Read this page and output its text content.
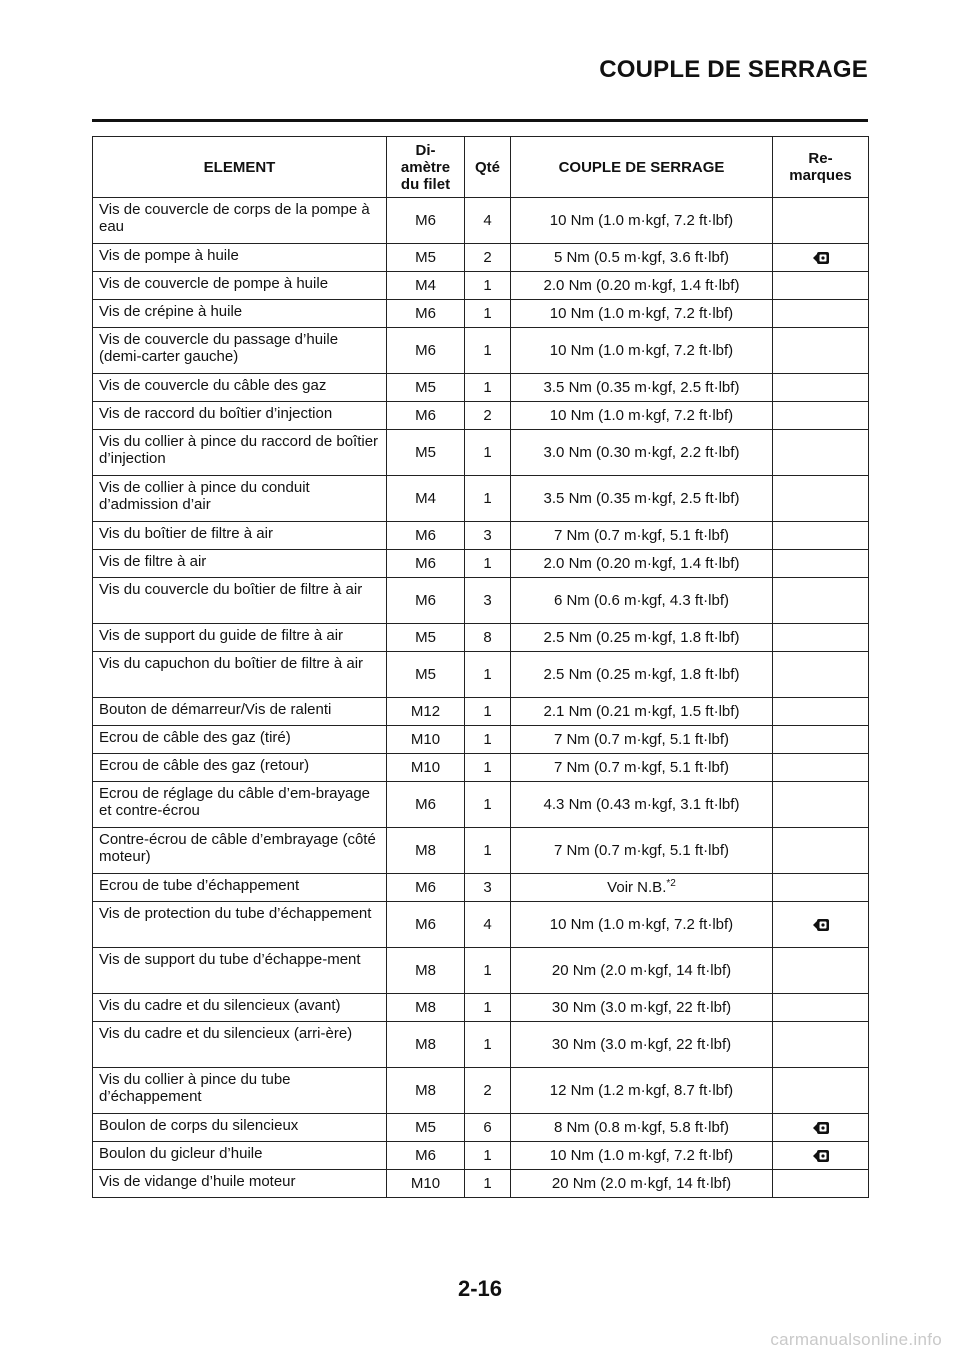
COUPLE DE SERRAGE
ELEMENT	Di-
amètre
du filet	Qté	COUPLE DE SERRAGE	Re-
marques
Vis de couvercle de corps de la pompe à eau	M6	4	10 Nm (1.0 m·kgf, 7.2 ft·lbf)	
Vis de pompe à huile	M5	2	5 Nm (0.5 m·kgf, 3.6 ft·lbf)	
Vis de couvercle de pompe à huile	M4	1	2.0 Nm (0.20 m·kgf, 1.4 ft·lbf)	
Vis de crépine à huile	M6	1	10 Nm (1.0 m·kgf, 7.2 ft·lbf)	
Vis de couvercle du passage d’huile (demi-carter gauche)	M6	1	10 Nm (1.0 m·kgf, 7.2 ft·lbf)	
Vis de couvercle du câble des gaz	M5	1	3.5 Nm (0.35 m·kgf, 2.5 ft·lbf)	
Vis de raccord du boîtier d’injection	M6	2	10 Nm (1.0 m·kgf, 7.2 ft·lbf)	
Vis du collier à pince du raccord de boîtier d’injection	M5	1	3.0 Nm (0.30 m·kgf, 2.2 ft·lbf)	
Vis de collier à pince du conduit d’admission d’air	M4	1	3.5 Nm (0.35 m·kgf, 2.5 ft·lbf)	
Vis du boîtier de filtre à air	M6	3	7 Nm (0.7 m·kgf, 5.1 ft·lbf)	
Vis de filtre à air	M6	1	2.0 Nm (0.20 m·kgf, 1.4 ft·lbf)	
Vis du couvercle du boîtier de filtre à air	M6	3	6 Nm (0.6 m·kgf, 4.3 ft·lbf)	
Vis de support du guide de filtre à air	M5	8	2.5 Nm (0.25 m·kgf, 1.8 ft·lbf)	
Vis du capuchon du boîtier de filtre à air	M5	1	2.5 Nm (0.25 m·kgf, 1.8 ft·lbf)	
Bouton de démarreur/Vis de ralenti	M12	1	2.1 Nm (0.21 m·kgf, 1.5 ft·lbf)	
Ecrou de câble des gaz (tiré)	M10	1	7 Nm (0.7 m·kgf, 5.1 ft·lbf)	
Ecrou de câble des gaz (retour)	M10	1	7 Nm (0.7 m·kgf, 5.1 ft·lbf)	
Ecrou de réglage du câble d’em-brayage et contre-écrou	M6	1	4.3 Nm (0.43 m·kgf, 3.1 ft·lbf)	
Contre-écrou de câble d’embrayage (côté moteur)	M8	1	7 Nm (0.7 m·kgf, 5.1 ft·lbf)	
Ecrou de tube d’échappement	M6	3	Voir N.B.$^{*2}$	
Vis de protection du tube d’échappement	M6	4	10 Nm (1.0 m·kgf, 7.2 ft·lbf)	
Vis de support du tube d’échappe-ment	M8	1	20 Nm (2.0 m·kgf, 14 ft·lbf)	
Vis du cadre et du silencieux (avant)	M8	1	30 Nm (3.0 m·kgf, 22 ft·lbf)	
Vis du cadre et du silencieux (arri-ère)	M8	1	30 Nm (3.0 m·kgf, 22 ft·lbf)	
Vis du collier à pince du tube d’échappement	M8	2	12 Nm (1.2 m·kgf, 8.7 ft·lbf)	
Boulon de corps du silencieux	M5	6	8 Nm (0.8 m·kgf, 5.8 ft·lbf)	
Boulon du gicleur d’huile	M6	1	10 Nm (1.0 m·kgf, 7.2 ft·lbf)	
Vis de vidange d’huile moteur	M10	1	20 Nm (2.0 m·kgf, 14 ft·lbf)	
2-16
carmanualsonline.info
